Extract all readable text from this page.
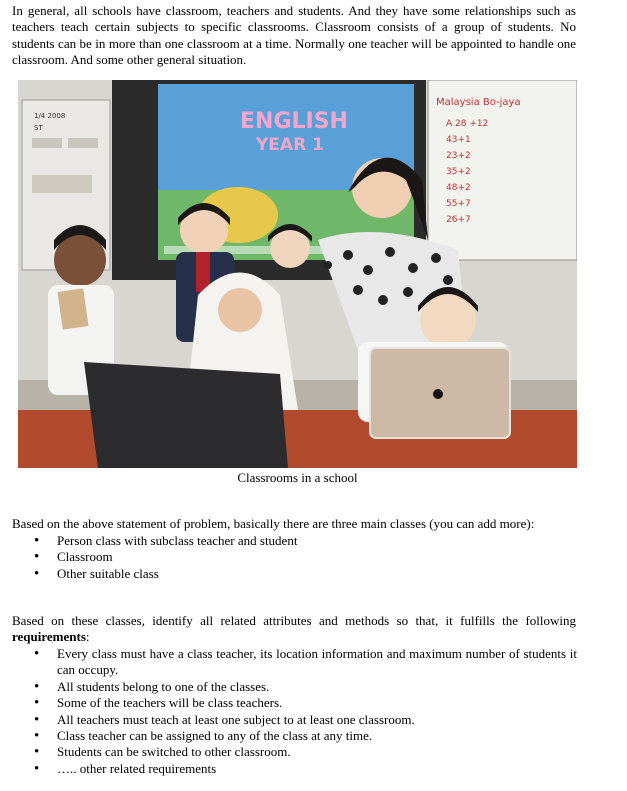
In general, all schools have classroom, teachers and students. And they have some relationships such as teachers teach certain subjects to specific classrooms. Classroom consists of a group of students. No students can be in more than one classroom at a time. Normally one teacher will be appointed to handle one classroom. And some other general situation.

1/4 2008
ST	ENGLISH
YEAR 1
Malaysia Bo-jaya
A 28 +12
43+1
23+2
35+2
48+2
55+7
26+7
Classrooms in a school

Based on the above statement of problem, basically there are three main classes (you can add more):

• Person class with subclass teacher and student
• Classroom
• Other suitable class

Based on these classes, identify all related attributes and methods so that, it fulfills the following requirements:

• Every class must have a class teacher, its location information and maximum number of students it can occupy.
• All students belong to one of the classes.
• Some of the teachers will be class teachers.
• All teachers must teach at least one subject to at least one classroom.
• Class teacher can be assigned to any of the class at any time.
• Students can be switched to other classroom.
• ….. other related requirements
